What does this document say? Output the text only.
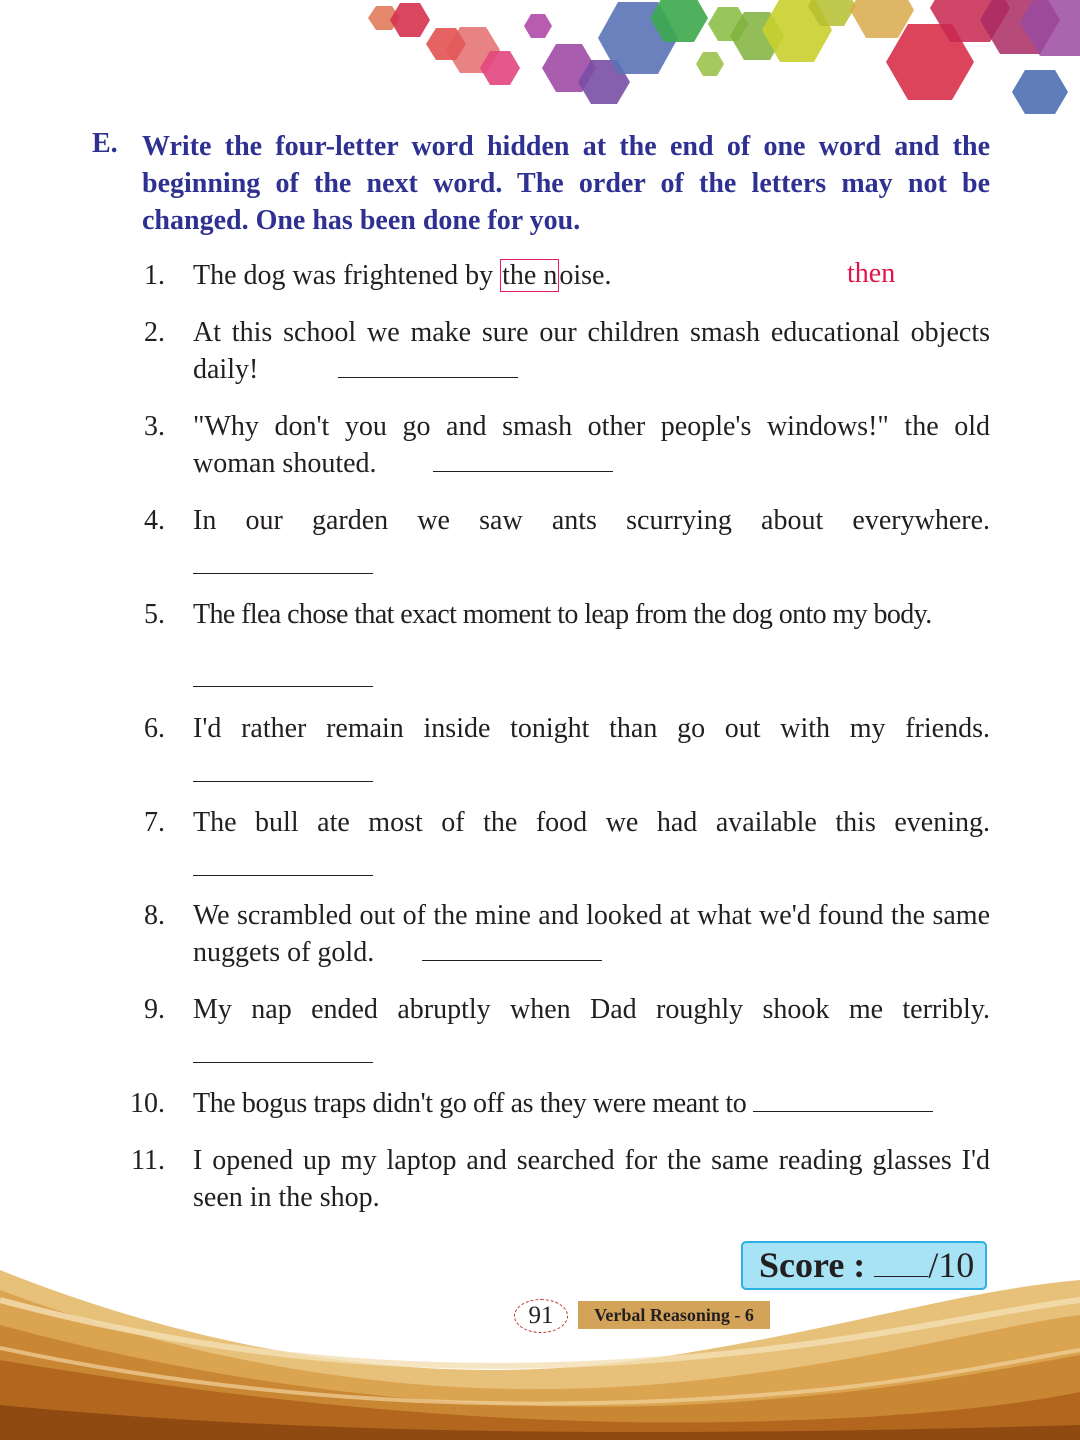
E. Write the four-letter word hidden at the end of one word and the beginning of the next word. The order of the letters may not be changed. One has been done for you.
1. The dog was frightened by the noise.	then
2. At this school we make sure our children smash educational objects daily!
3. "Why don't you go and smash other people's windows!" the old woman shouted.
4. In our garden we saw ants scurrying about everywhere.
5. The flea chose that exact moment to leap from the dog onto my body.
6. I'd rather remain inside tonight than go out with my friends.
7. The bull ate most of the food we had available this evening.
8. We scrambled out of the mine and looked at what we'd found the same nuggets of gold.
9. My nap ended abruptly when Dad roughly shook me terribly.
10. The bogus traps didn't go off as they were meant to
11. I opened up my laptop and searched for the same reading glasses I'd seen in the shop.
Score : /10
91	Verbal Reasoning - 6
